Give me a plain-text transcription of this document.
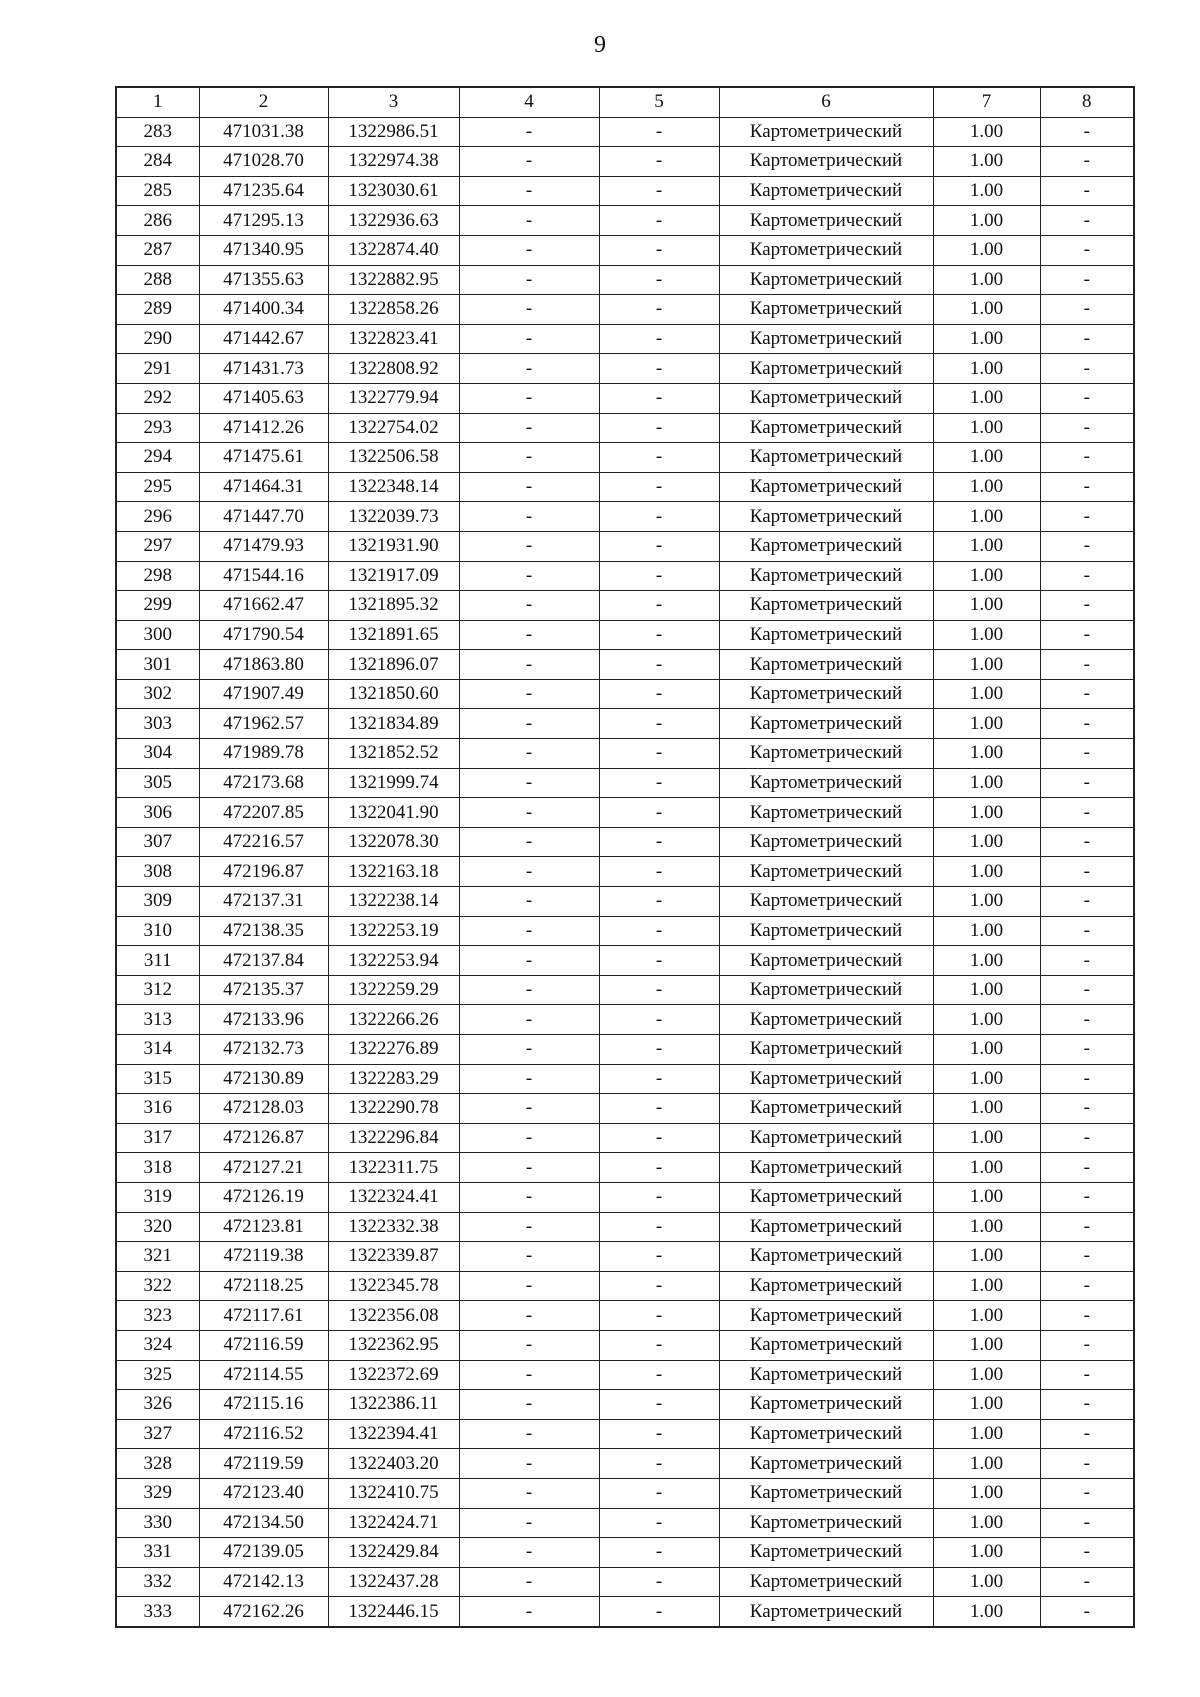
9
1	2	3	4	5	6	7	8
283	471031.38	1322986.51	-	-	Картометрический	1.00	-
284	471028.70	1322974.38	-	-	Картометрический	1.00	-
285	471235.64	1323030.61	-	-	Картометрический	1.00	-
286	471295.13	1322936.63	-	-	Картометрический	1.00	-
287	471340.95	1322874.40	-	-	Картометрический	1.00	-
288	471355.63	1322882.95	-	-	Картометрический	1.00	-
289	471400.34	1322858.26	-	-	Картометрический	1.00	-
290	471442.67	1322823.41	-	-	Картометрический	1.00	-
291	471431.73	1322808.92	-	-	Картометрический	1.00	-
292	471405.63	1322779.94	-	-	Картометрический	1.00	-
293	471412.26	1322754.02	-	-	Картометрический	1.00	-
294	471475.61	1322506.58	-	-	Картометрический	1.00	-
295	471464.31	1322348.14	-	-	Картометрический	1.00	-
296	471447.70	1322039.73	-	-	Картометрический	1.00	-
297	471479.93	1321931.90	-	-	Картометрический	1.00	-
298	471544.16	1321917.09	-	-	Картометрический	1.00	-
299	471662.47	1321895.32	-	-	Картометрический	1.00	-
300	471790.54	1321891.65	-	-	Картометрический	1.00	-
301	471863.80	1321896.07	-	-	Картометрический	1.00	-
302	471907.49	1321850.60	-	-	Картометрический	1.00	-
303	471962.57	1321834.89	-	-	Картометрический	1.00	-
304	471989.78	1321852.52	-	-	Картометрический	1.00	-
305	472173.68	1321999.74	-	-	Картометрический	1.00	-
306	472207.85	1322041.90	-	-	Картометрический	1.00	-
307	472216.57	1322078.30	-	-	Картометрический	1.00	-
308	472196.87	1322163.18	-	-	Картометрический	1.00	-
309	472137.31	1322238.14	-	-	Картометрический	1.00	-
310	472138.35	1322253.19	-	-	Картометрический	1.00	-
311	472137.84	1322253.94	-	-	Картометрический	1.00	-
312	472135.37	1322259.29	-	-	Картометрический	1.00	-
313	472133.96	1322266.26	-	-	Картометрический	1.00	-
314	472132.73	1322276.89	-	-	Картометрический	1.00	-
315	472130.89	1322283.29	-	-	Картометрический	1.00	-
316	472128.03	1322290.78	-	-	Картометрический	1.00	-
317	472126.87	1322296.84	-	-	Картометрический	1.00	-
318	472127.21	1322311.75	-	-	Картометрический	1.00	-
319	472126.19	1322324.41	-	-	Картометрический	1.00	-
320	472123.81	1322332.38	-	-	Картометрический	1.00	-
321	472119.38	1322339.87	-	-	Картометрический	1.00	-
322	472118.25	1322345.78	-	-	Картометрический	1.00	-
323	472117.61	1322356.08	-	-	Картометрический	1.00	-
324	472116.59	1322362.95	-	-	Картометрический	1.00	-
325	472114.55	1322372.69	-	-	Картометрический	1.00	-
326	472115.16	1322386.11	-	-	Картометрический	1.00	-
327	472116.52	1322394.41	-	-	Картометрический	1.00	-
328	472119.59	1322403.20	-	-	Картометрический	1.00	-
329	472123.40	1322410.75	-	-	Картометрический	1.00	-
330	472134.50	1322424.71	-	-	Картометрический	1.00	-
331	472139.05	1322429.84	-	-	Картометрический	1.00	-
332	472142.13	1322437.28	-	-	Картометрический	1.00	-
333	472162.26	1322446.15	-	-	Картометрический	1.00	-
